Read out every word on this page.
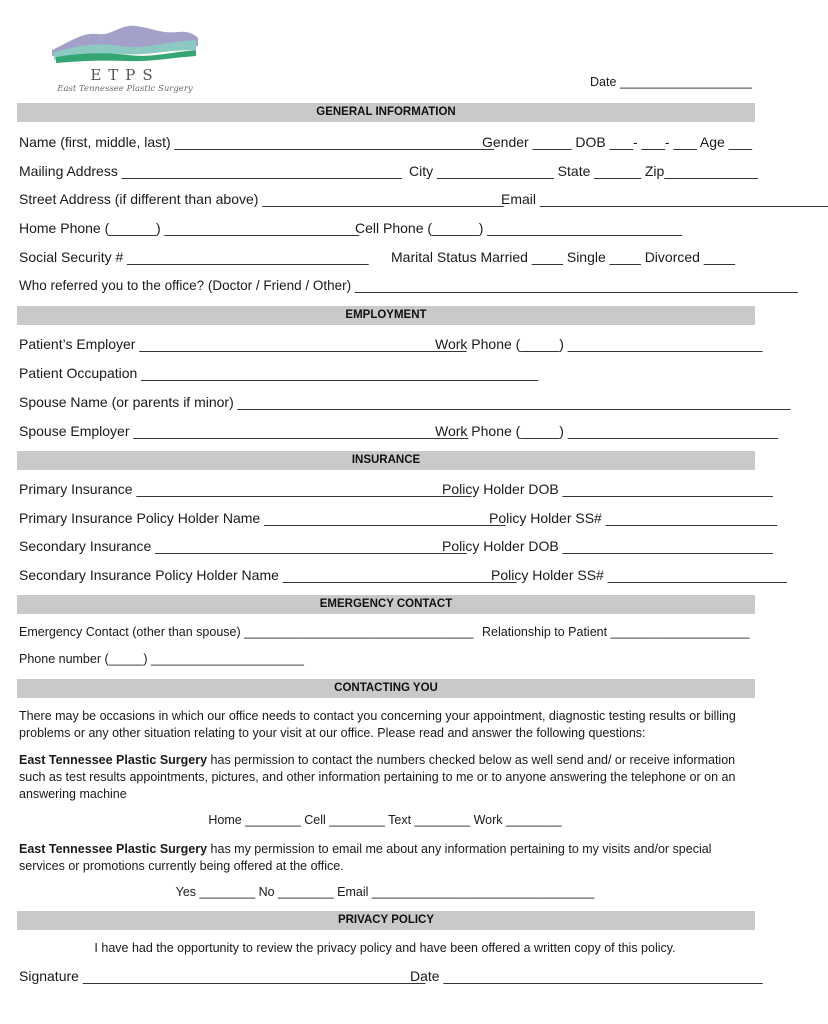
ETPS
East Tennessee Plastic Surgery	Date ___________________
GENERAL INFORMATION
Name (first, middle, last) _________________________________________
Gender _____ DOB ___- ___- ___ Age ___
Mailing Address ____________________________________ City _______________ State ______ Zip____________
Street Address (if different than above) _______________________________
Email _____________________________________
Home Phone (______) _________________________
Cell Phone (______) _________________________
Social Security # _______________________________ Marital Status Married ____ Single ____ Divorced ____
Who referred you to the office? (Doctor / Friend / Other) ___________________________________________________________
EMPLOYMENT
Patient’s Employer __________________________________________
Work Phone (_____) _________________________
Patient Occupation ___________________________________________________
Spouse Name (or parents if minor) _______________________________________________________________________
Spouse Employer ___________________________________________
Work Phone (_____) ___________________________
INSURANCE
Primary Insurance ___________________________________________
Policy Holder DOB ___________________________
Primary Insurance Policy Holder Name _______________________________
Policy Holder SS# ______________________
Secondary Insurance ________________________________________
Policy Holder DOB ___________________________
Secondary Insurance Policy Holder Name ______________________________
Policy Holder SS# _______________________
EMERGENCY CONTACT
Emergency Contact (other than spouse) _________________________________ Relationship to Patient ____________________
Phone number (_____) ______________________
CONTACTING YOU
There may be occasions in which our office needs to contact you concerning your appointment, diagnostic testing results or billing problems or any other situation relating to your visit at our office. Please read and answer the following questions:
East Tennessee Plastic Surgery has permission to contact the numbers checked below as well send and/ or receive information such as test results appointments, pictures, and other information pertaining to me or to anyone answering the telephone or on an answering machine
Home ________ Cell ________ Text ________ Work ________
East Tennessee Plastic Surgery has my permission to email me about any information pertaining to my visits and/or special services or promotions currently being offered at the office.
Yes ________ No ________ Email ________________________________
PRIVACY POLICY
I have had the opportunity to review the privacy policy and have been offered a written copy of this policy.
Signature ____________________________________________
Date _________________________________________
